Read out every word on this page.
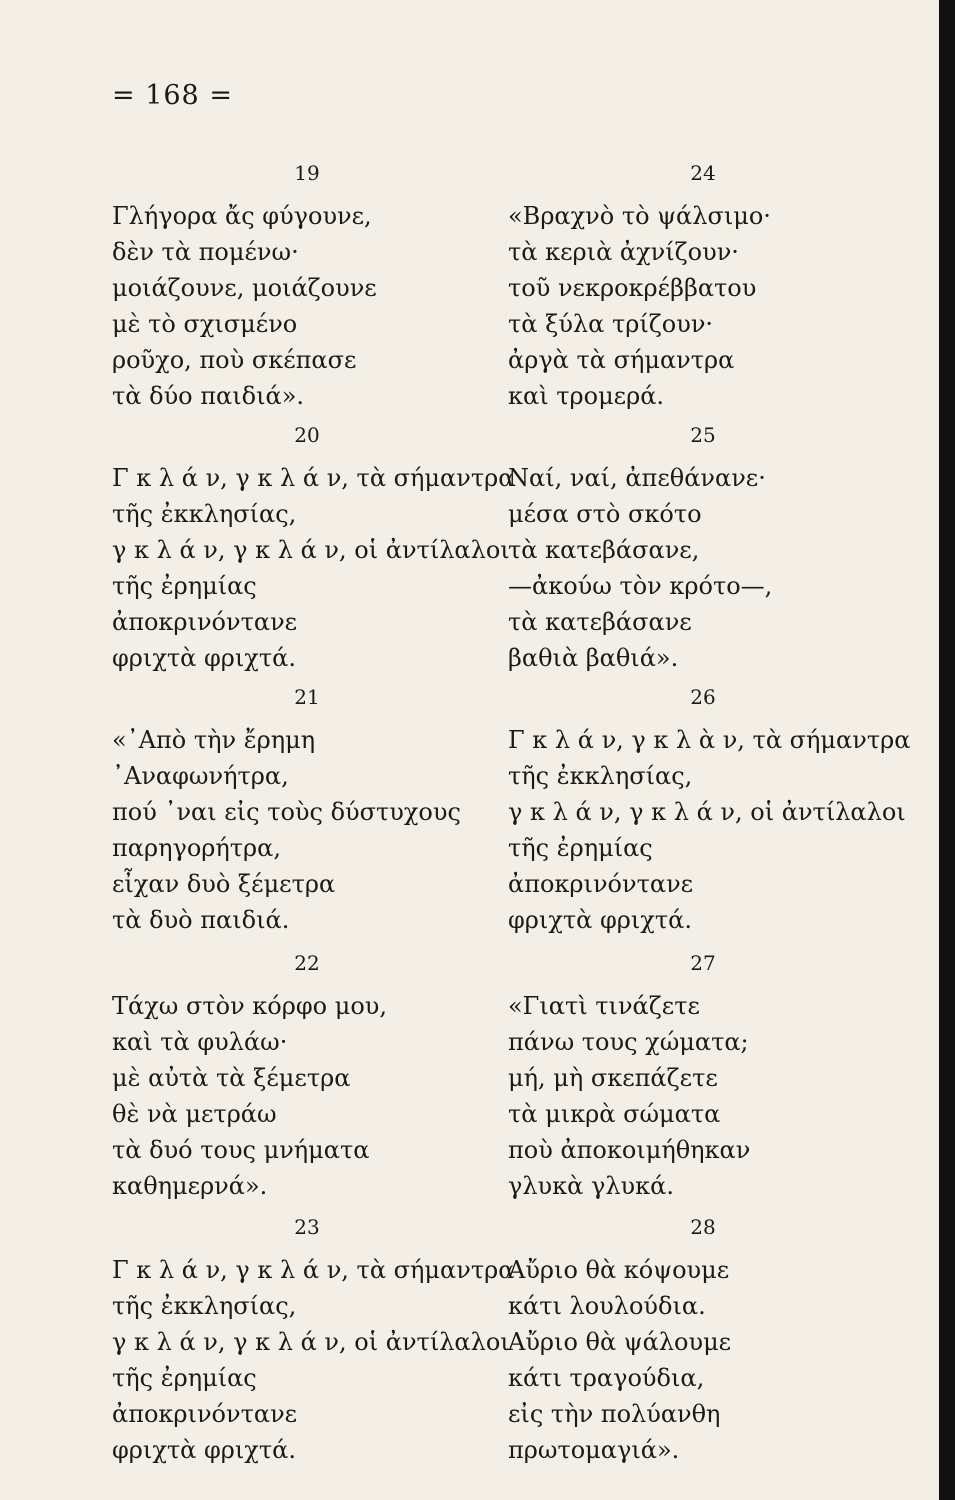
= 168 =
19
Γλήγορα ἄς φύγουνε,
δὲν τὰ πομένω·
μοιάζουνε, μοιάζουνε
μὲ τὸ σχισμένο
ροῦχο, ποὺ σκέπασε
τὰ δύο παιδιά».
20
Γ κ λ ά ν, γ κ λ ά ν, τὰ σήμαντρα
τῆς ἐκκλησίας,
γ κ λ ά ν, γ κ λ ά ν, οἱ ἀντίλαλοι
τῆς ἐρημίας
ἀποκρινόντανε
φριχτὰ φριχτά.
21
«᾿Απὸ τὴν ἔρημη
᾿Αναφωνήτρα,
πού ᾿ναι εἰς τοὺς δύστυχους
παρηγορήτρα,
εἶχαν δυὸ ξέμετρα
τὰ δυὸ παιδιά.
22
Τάχω στὸν κόρφο μου,
καὶ τὰ φυλάω·
μὲ αὐτὰ τὰ ξέμετρα
θὲ νὰ μετράω
τὰ δυό τους μνήματα
καθημερνά».
23
Γ κ λ ά ν, γ κ λ ά ν, τὰ σήμαντρα
τῆς ἐκκλησίας,
γ κ λ ά ν, γ κ λ ά ν, οἱ ἀντίλαλοι
τῆς ἐρημίας
ἀποκρινόντανε
φριχτὰ φριχτά.
24
«Βραχνὸ τὸ ψάλσιμο·
τὰ κεριὰ ἀχνίζουν·
τοῦ νεκροκρέββατου
τὰ ξύλα τρίζουν·
ἀργὰ τὰ σήμαντρα
καὶ τρομερά.
25
Ναί, ναί, ἀπεθάνανε·
μέσα στὸ σκότο
τὰ κατεβάσανε,
—ἀκούω τὸν κρότο—,
τὰ κατεβάσανε
βαθιὰ βαθιά».
26
Γ κ λ ά ν, γ κ λ ὰ ν, τὰ σήμαντρα
τῆς ἐκκλησίας,
γ κ λ ά ν, γ κ λ ά ν, οἱ ἀντίλαλοι
τῆς ἐρημίας
ἀποκρινόντανε
φριχτὰ φριχτά.
27
«Γιατὶ τινάζετε
πάνω τους χώματα;
μή, μὴ σκεπάζετε
τὰ μικρὰ σώματα
ποὺ ἀποκοιμήθηκαν
γλυκὰ γλυκά.
28
Αὔριο θὰ κόψουμε
κάτι λουλούδια.
Αὔριο θὰ ψάλουμε
κάτι τραγούδια,
εἰς τὴν πολύανθη
πρωτομαγιά».
